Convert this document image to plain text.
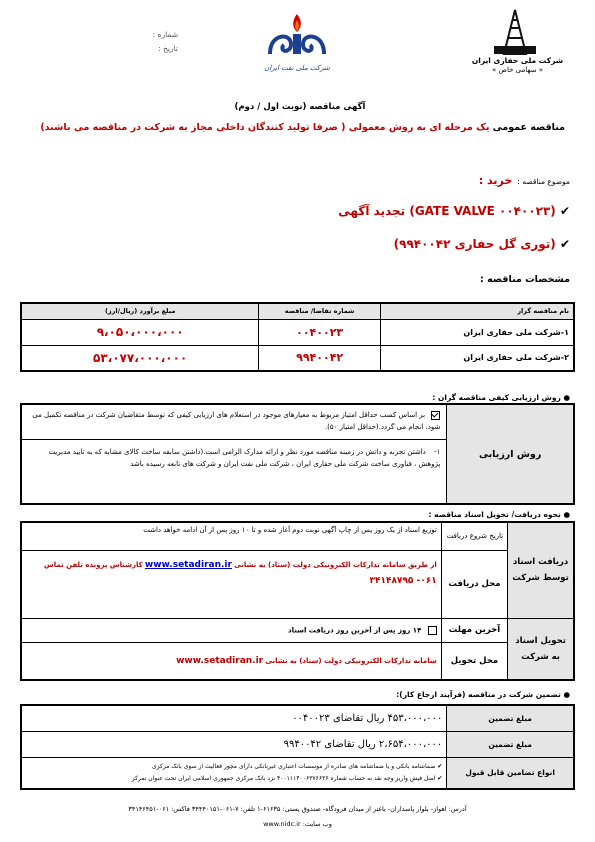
شماره :
تاریخ :
شرکت ملی نفت ایران
شرکت ملی حفاری ایران
« سهامی خاص »
آگهی مناقصه (نوبت اول / دوم)
مناقصه عمومی یک مرحله ای به روش معمولی ( صرفا تولید کنندگان داخلی مجاز به شرکت در مناقصه می باشند)
موضوع مناقصه : خرید :
✔ (GATE VALVE ۰۰۴۰۰۲۳) تجدید آگهی
✔ (توری گل حفاری ۹۹۴۰۰۴۲)
مشخصات مناقصه :
نام مناقصه گزار	شماره تقاضا/ مناقصه	مبلغ برآورد (ریال/ارز)
۱-شرکت ملی حفاری ایران	۰۰۴۰۰۲۳	۹،۰۵۰،۰۰۰،۰۰۰
۲-شرکت ملی حفاری ایران	۹۹۴۰۰۴۲	۵۳،۰۷۷،۰۰۰،۰۰۰
● روش ارزیابی کیفی مناقصه گران :
روش ارزیابی	
بر اساس کسب حداقل امتیاز مربوط به معیارهای موجود در استعلام های ارزیابی کیفی که توسط متقاضیان شرکت در مناقصه تکمیل می شود، انجام می گردد.(حداقل امتیاز ۵۰).
۱- داشتن تجربه و دانش در زمینه مناقصه مورد نظر و ارائه مدارک الزامی است.(داشتن سابقه ساخت کالای مشابه که به تایید مدیریت پژوهش ، فناوری ساخت شرکت ملی حفاری ایران ، شرکت ملی نفت ایران و شرکت های تابعه رسیده باشد
● نحوه دریافت/ تحویل اسناد مناقصه :
دریافت اسناد توسط شرکت	تاریخ شروع دریافت	توزیع اسناد از یک روز پس از چاپ آگهی نوبت دوم آغاز شده و تا ۱۰ روز پس از آن ادامه خواهد داشت
	محل دریافت	از طریق سامانه تدارکات الکترونیکی دولت (ستاد) به نشانی www.setadiran.ir کارشناس پرونده تلفن تماس
۰۶۱- ۳۴۱۴۸۷۹۵
تحویل اسناد به شرکت	آخرین مهلت	۱۴ روز پس از آخرین روز دریافت اسناد
	محل تحویل	سامانه تدارکات الکترونیکی دولت (ستاد) به نشانی www.setadiran.ir
● تضمین شرکت در مناقصه (فرآیند ارجاع کار):
مبلغ تضمین	۴۵۳،۰۰۰،۰۰۰ ریال تقاضای ۰۰۴۰۰۲۳
مبلغ تضمین	۲،۶۵۴،۰۰۰،۰۰۰ ریال تقاضای ۹۹۴۰۰۴۲
انواع تضامین قابل قبول	✔ ضمانتنامه بانکی و یا ضمانتنامه های صادره از موسسات اعتباری غیربانکی دارای مجوز فعالیت از سوی بانک مرکزی
✔ اصل فیش واریز وجه نقد به حساب شماره ۴۰۰۱۱۱۴۰۰۶۳۷۶۶۳۶ نزد بانک مرکزی جمهوری اسلامی ایران تحت عنوان تمرکز
آدرس: اهواز- بلوار پاسداران- باغتر از میدان فرودگاه- صندوق پستی: ۶۱۶۳۵-۱ تلفن: ۷-۰۶۱-۳۴۴۴۰۱۵۱ فاکس: ۰۶۱-۳۴۱۴۶۴۵۱
وب سایت: www.nidc.ir
